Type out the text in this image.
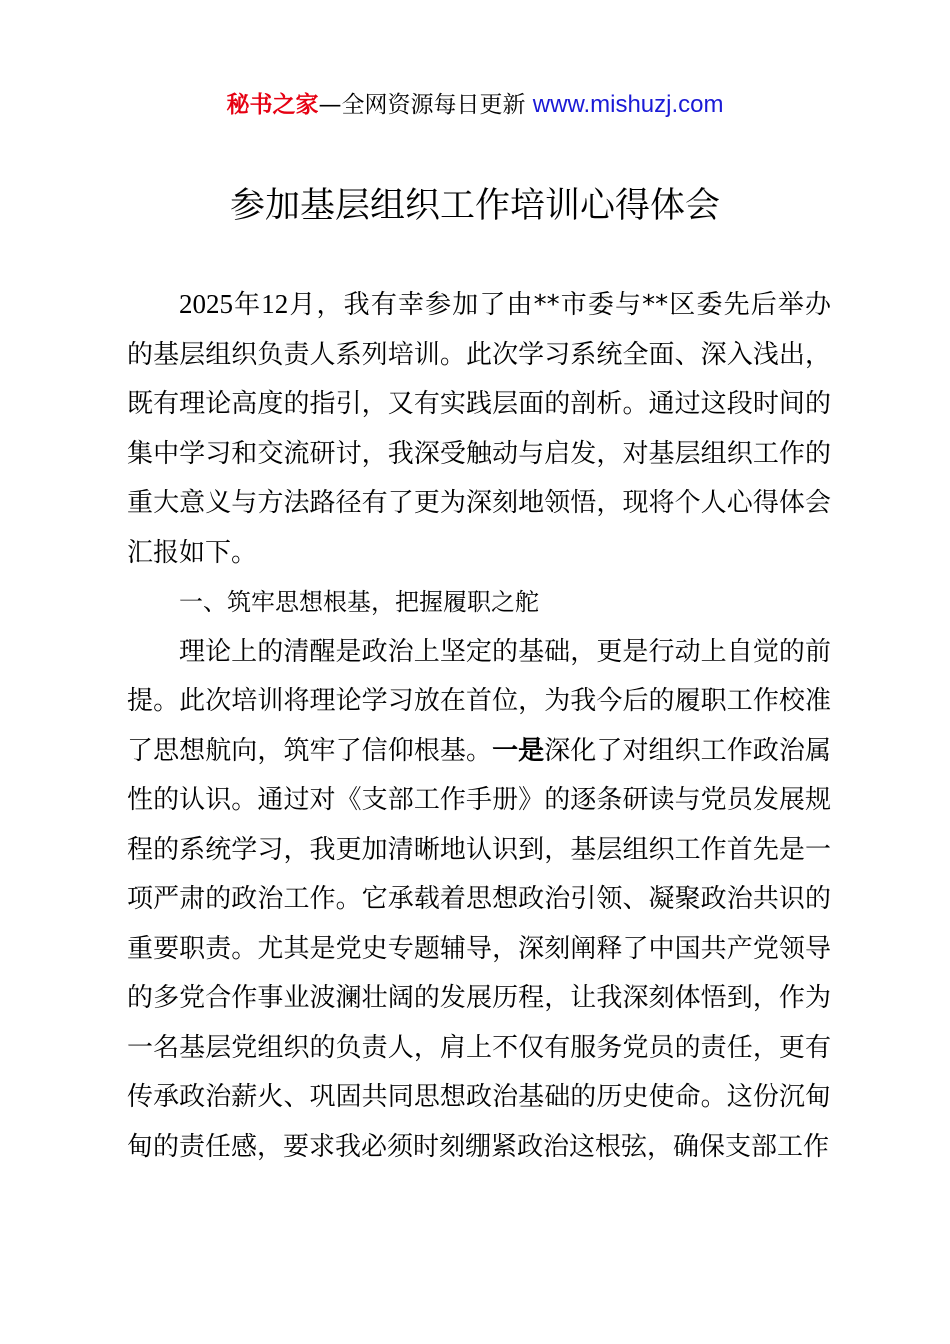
秘书之家—全网资源每日更新 www.mishuzj.com
参加基层组织工作培训心得体会

2025年12月，我有幸参加了由**市委与**区委先后举办的基层组织负责人系列培训。此次学习系统全面、深入浅出，既有理论高度的指引，又有实践层面的剖析。通过这段时间的集中学习和交流研讨，我深受触动与启发，对基层组织工作的重大意义与方法路径有了更为深刻地领悟，现将个人心得体会汇报如下。

一、筑牢思想根基，把握履职之舵

理论上的清醒是政治上坚定的基础，更是行动上自觉的前提。此次培训将理论学习放在首位，为我今后的履职工作校准了思想航向，筑牢了信仰根基。一是深化了对组织工作政治属性的认识。通过对《支部工作手册》的逐条研读与党员发展规程的系统学习，我更加清晰地认识到，基层组织工作首先是一项严肃的政治工作。它承载着思想政治引领、凝聚政治共识的重要职责。尤其是党史专题辅导，深刻阐释了中国共产党领导的多党合作事业波澜壮阔的发展历程，让我深刻体悟到，作为一名基层党组织的负责人，肩上不仅有服务党员的责任，更有传承政治薪火、巩固共同思想政治基础的历史使命。这份沉甸甸的责任感，要求我必须时刻绷紧政治这根弦，确保支部工作
